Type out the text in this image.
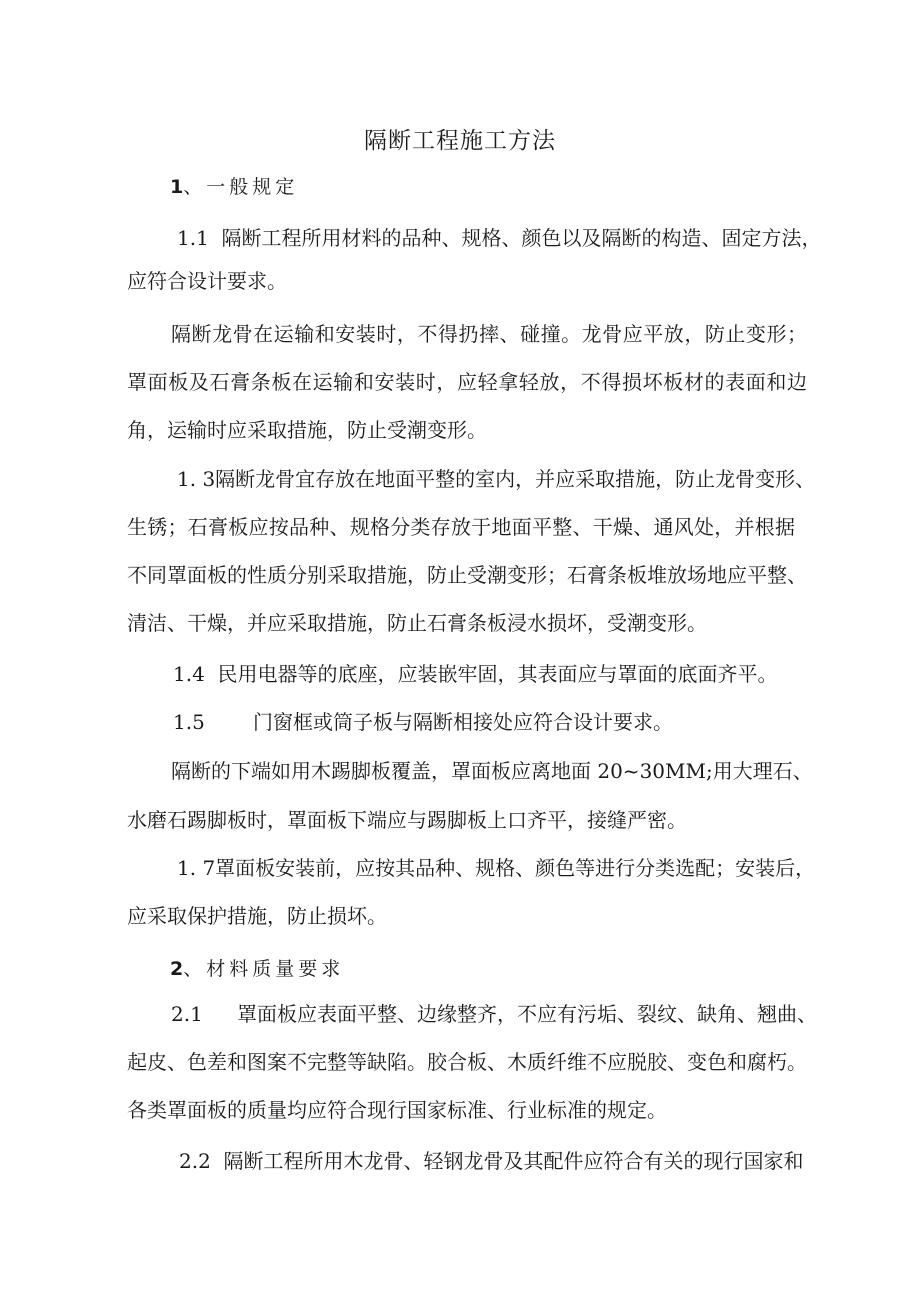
隔断工程施工方法
1、一般规定
1.1 隔断工程所用材料的品种、规格、颜色以及隔断的构造、固定方法，
应符合设计要求。
隔断龙骨在运输和安装时，不得扔摔、碰撞。龙骨应平放，防止变形；
罩面板及石膏条板在运输和安装时，应轻拿轻放，不得损坏板材的表面和边
角，运输时应采取措施，防止受潮变形。
1. 3隔断龙骨宜存放在地面平整的室内，并应采取措施，防止龙骨变形、
生锈；石膏板应按品种、规格分类存放于地面平整、干燥、通风处，并根据
不同罩面板的性质分别采取措施，防止受潮变形；石膏条板堆放场地应平整、
清洁、干燥，并应采取措施，防止石膏条板浸水损坏，受潮变形。
1.4 民用电器等的底座，应装嵌牢固，其表面应与罩面的底面齐平。
1.5 门窗框或筒子板与隔断相接处应符合设计要求。
隔断的下端如用木踢脚板覆盖，罩面板应离地面 20~30MM;用大理石、
水磨石踢脚板时，罩面板下端应与踢脚板上口齐平，接缝严密。
1. 7罩面板安装前，应按其品种、规格、颜色等进行分类选配；安装后，
应采取保护措施，防止损坏。
2、材料质量要求
2.1 罩面板应表面平整、边缘整齐，不应有污垢、裂纹、缺角、翘曲、
起皮、色差和图案不完整等缺陷。胶合板、木质纤维不应脱胶、变色和腐朽。
各类罩面板的质量均应符合现行国家标准、行业标准的规定。
2.2 隔断工程所用木龙骨、轻钢龙骨及其配件应符合有关的现行国家和
